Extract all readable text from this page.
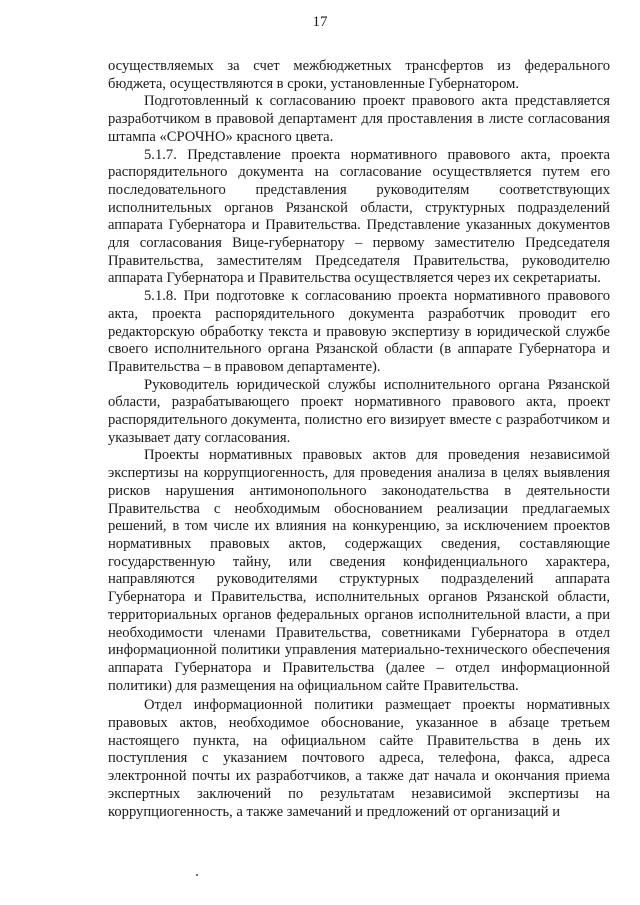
17

осуществляемых за счет межбюджетных трансфертов из федерального бюджета, осуществляются в сроки, установленные Губернатором.

Подготовленный к согласованию проект правового акта представляется разработчиком в правовой департамент для проставления в листе согласования штампа «СРОЧНО» красного цвета.

5.1.7. Представление проекта нормативного правового акта, проекта распорядительного документа на согласование осуществляется путем его последовательного представления руководителям соответствующих исполнительных органов Рязанской области, структурных подразделений аппарата Губернатора и Правительства. Представление указанных документов для согласования Вице-губернатору – первому заместителю Председателя Правительства, заместителям Председателя Правительства, руководителю аппарата Губернатора и Правительства осуществляется через их секретариаты.

5.1.8. При подготовке к согласованию проекта нормативного правового акта, проекта распорядительного документа разработчик проводит его редакторскую обработку текста и правовую экспертизу в юридической службе своего исполнительного органа Рязанской области (в аппарате Губернатора и Правительства – в правовом департаменте).

Руководитель юридической службы исполнительного органа Рязанской области, разрабатывающего проект нормативного правового акта, проект распорядительного документа, полистно его визирует вместе с разработчиком и указывает дату согласования.

Проекты нормативных правовых актов для проведения независимой экспертизы на коррупциогенность, для проведения анализа в целях выявления рисков нарушения антимонопольного законодательства в деятельности Правительства с необходимым обоснованием реализации предлагаемых решений, в том числе их влияния на конкуренцию, за исключением проектов нормативных правовых актов, содержащих сведения, составляющие государственную тайну, или сведения конфиденциального характера, направляются руководителями структурных подразделений аппарата Губернатора и Правительства, исполнительных органов Рязанской области, территориальных органов федеральных органов исполнительной власти, а при необходимости членами Правительства, советниками Губернатора в отдел информационной политики управления материально-технического обеспечения аппарата Губернатора и Правительства (далее – отдел информационной политики) для размещения на официальном сайте Правительства.

Отдел информационной политики размещает проекты нормативных правовых актов, необходимое обоснование, указанное в абзаце третьем настоящего пункта, на официальном сайте Правительства в день их поступления с указанием почтового адреса, телефона, факса, адреса электронной почты их разработчиков, а также дат начала и окончания приема экспертных заключений по результатам независимой экспертизы на коррупциогенность, а также замечаний и предложений от организаций и
